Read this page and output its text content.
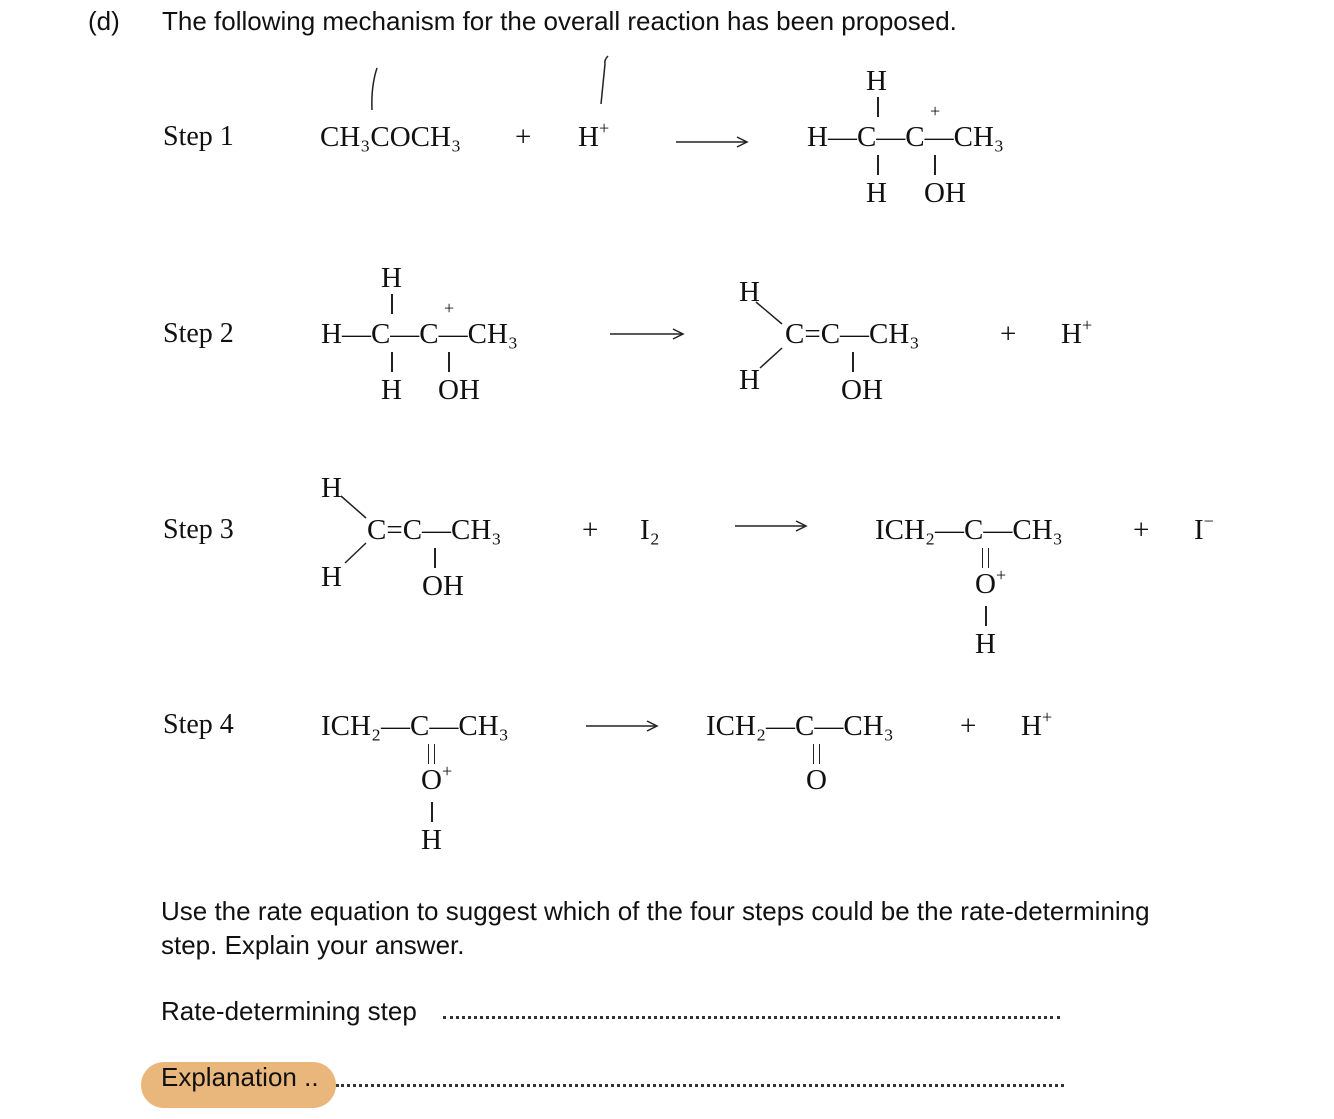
(d) The following mechanism for the overall reaction has been proposed.
Step 1	CH₃COCH₃ + H+
H
+
H—C—C—CH₃
H OH
Step 2
H
+
H—C—C—CH₃
H OH
H
H
C=C—CH₃
OH
+ H+
Step 3
H
H
C=C—CH₃
OH
+ I₂	ICH₂—C—CH₃
O+
H
+ I−
Step 4	ICH₂—C—CH₃
O+
H
ICH₂—C—CH₃
O
+ H+
Use the rate equation to suggest which of the four steps could be the rate-determining
step. Explain your answer.
Rate-determining step
Explanation ..
